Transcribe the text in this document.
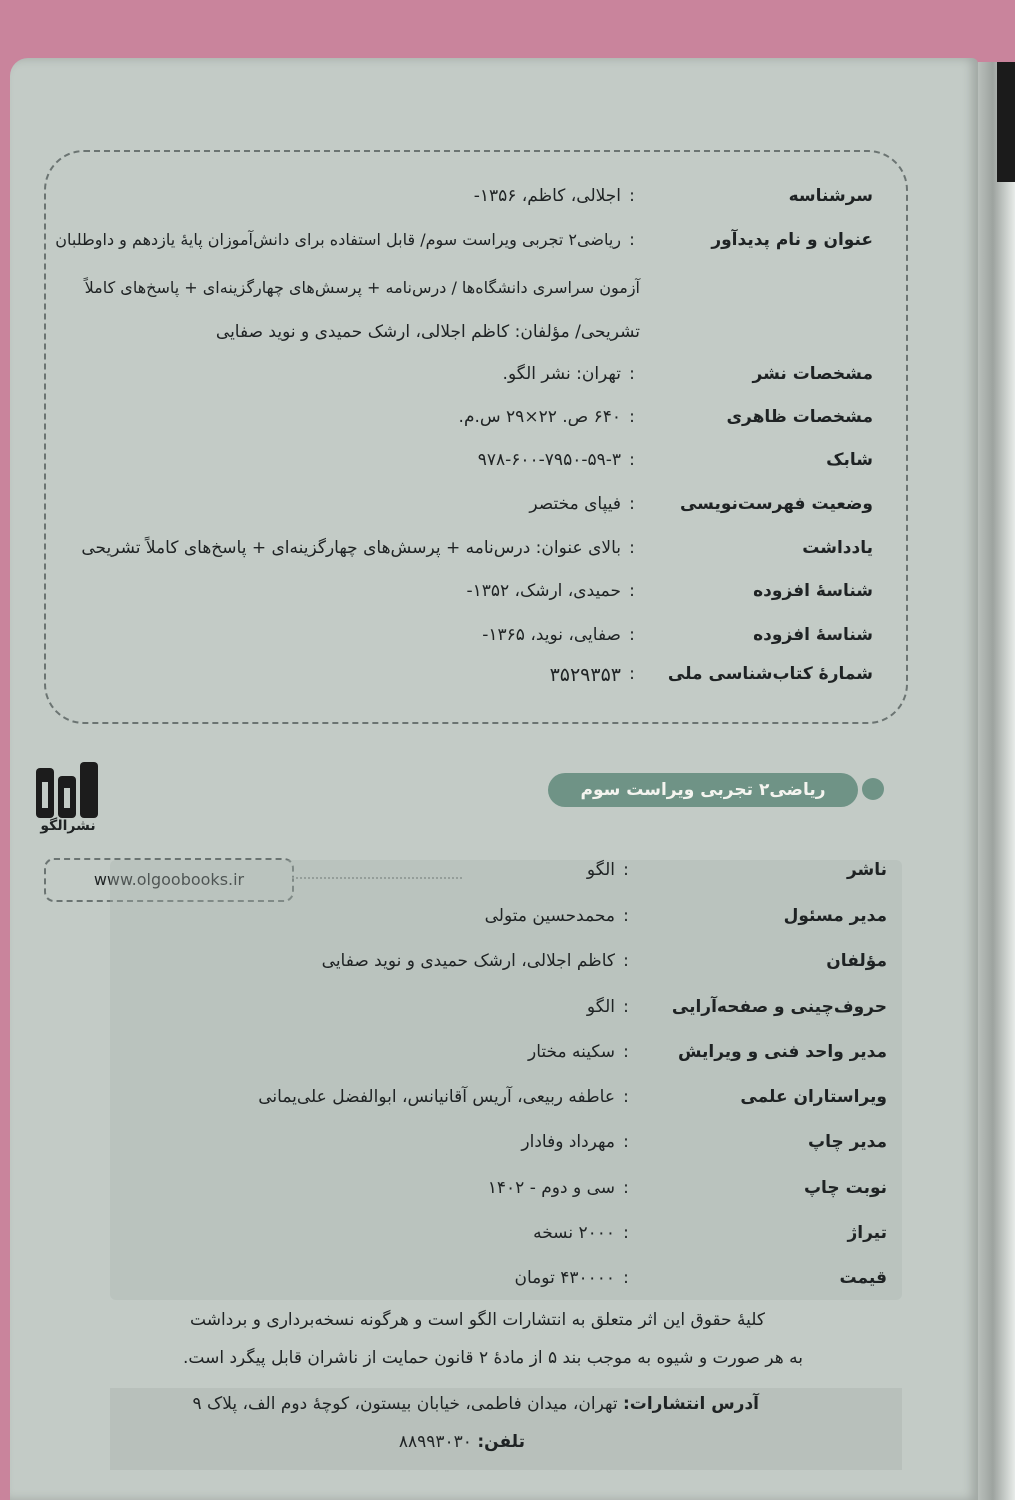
سرشناسه
:
اجلالی، کاظم، ۱۳۵۶-
عنوان و نام پدیدآور
:
ریاضی۲ تجربی ویراست سوم/ قابل استفاده برای دانش‌آموزان پایهٔ یازدهم و داوطلبان
آزمون سراسری دانشگاه‌ها / درس‌نامه + پرسش‌های چهارگزینه‌ای + پاسخ‌های کاملاً
تشریحی/ مؤلفان: کاظم اجلالی، ارشک حمیدی و نوید صفایی
مشخصات نشر
:
تهران: نشر الگو.
مشخصات ظاهری
:
۶۴۰ ص. ۲۲×۲۹ س.م.
شابک
:
۹۷۸-۶۰۰-۷۹۵۰-۵۹-۳
وضعیت فهرست‌نویسی
:
فیپای مختصر
یادداشت
:
بالای عنوان: درس‌نامه + پرسش‌های چهارگزینه‌ای + پاسخ‌های کاملاً تشریحی
شناسهٔ افزوده
:
حمیدی، ارشک، ۱۳۵۲-
شناسهٔ افزوده
:
صفایی، نوید، ۱۳۶۵-
شمارهٔ کتاب‌شناسی ملی
:
۳۵۲۹۳۵۳
نشرالگو
ریاضی۲ تجربی ویراست سوم
www.olgoobooks.ir	ناشر
:
الگو
مدیر مسئول
:
محمدحسین متولی
مؤلفان
:
کاظم اجلالی، ارشک حمیدی و نوید صفایی
حروف‌چینی و صفحه‌آرایی
:
الگو
مدیر واحد فنی و ویرایش
:
سکینه مختار
ویراستاران علمی
:
عاطفه ربیعی، آریس آقانیانس، ابوالفضل علی‌یمانی
مدیر چاپ
:
مهرداد وفادار
نوبت چاپ
:
سی و دوم - ۱۴۰۲
تیراژ
:
۲۰۰۰ نسخه
قیمت
:
۴۳۰۰۰۰ تومان
کلیهٔ حقوق این اثر متعلق به انتشارات الگو است و هرگونه نسخه‌برداری و برداشت
به هر صورت و شیوه به موجب بند ۵ از مادهٔ ۲ قانون حمایت از ناشران قابل پیگرد است.
آدرس انتشارات: تهران، میدان فاطمی، خیابان بیستون، کوچهٔ دوم الف، پلاک ۹
تلفن: ۸۸۹۹۳۰۳۰
